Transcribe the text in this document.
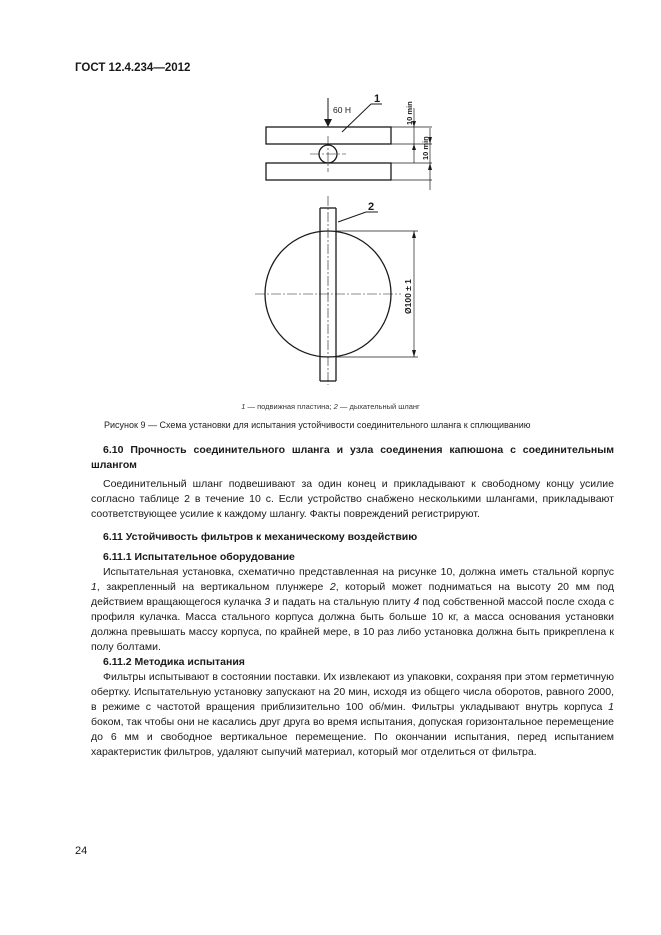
ГОСТ 12.4.234—2012
60 Н
1
2
10 min
10 min
Ø100 ± 1
1 — подвижная пластина; 2 — дыхательный шланг
Рисунок 9 — Схема установки для испытания устойчивости соединительного шланга к сплющиванию
6.10 Прочность соединительного шланга и узла соединения капюшона с соединительным шлангом

Соединительный шланг подвешивают за один конец и прикладывают к свободному концу усилие согласно таблице 2 в течение 10 с. Если устройство снабжено несколькими шлангами, прикладывают соответствующее усилие к каждому шлангу. Факты повреждений регистрируют.

6.11 Устойчивость фильтров к механическому воздействию
6.11.1 Испытательное оборудование

Испытательная установка, схематично представленная на рисунке 10, должна иметь стальной корпус 1, закрепленный на вертикальном плунжере 2, который может подниматься на высоту 20 мм под действием вращающегося кулачка 3 и падать на стальную плиту 4 под собственной массой после схода с профиля кулачка. Масса стального корпуса должна быть больше 10 кг, а масса основания установки должна превышать массу корпуса, по крайней мере, в 10 раз либо установка должна быть прикреплена к полу болтами.

6.11.2 Методика испытания

Фильтры испытывают в состоянии поставки. Их извлекают из упаковки, сохраняя при этом герметичную обертку. Испытательную установку запускают на 20 мин, исходя из общего числа оборотов, равного 2000, в режиме с частотой вращения приблизительно 100 об/мин. Фильтры укладывают внутрь корпуса 1 боком, так чтобы они не касались друг друга во время испытания, допуская горизонтальное перемещение до 6 мм и свободное вертикальное перемещение. По окончании испытания, перед испытанием характеристик фильтров, удаляют сыпучий материал, который мог отделиться от фильтра.

24
